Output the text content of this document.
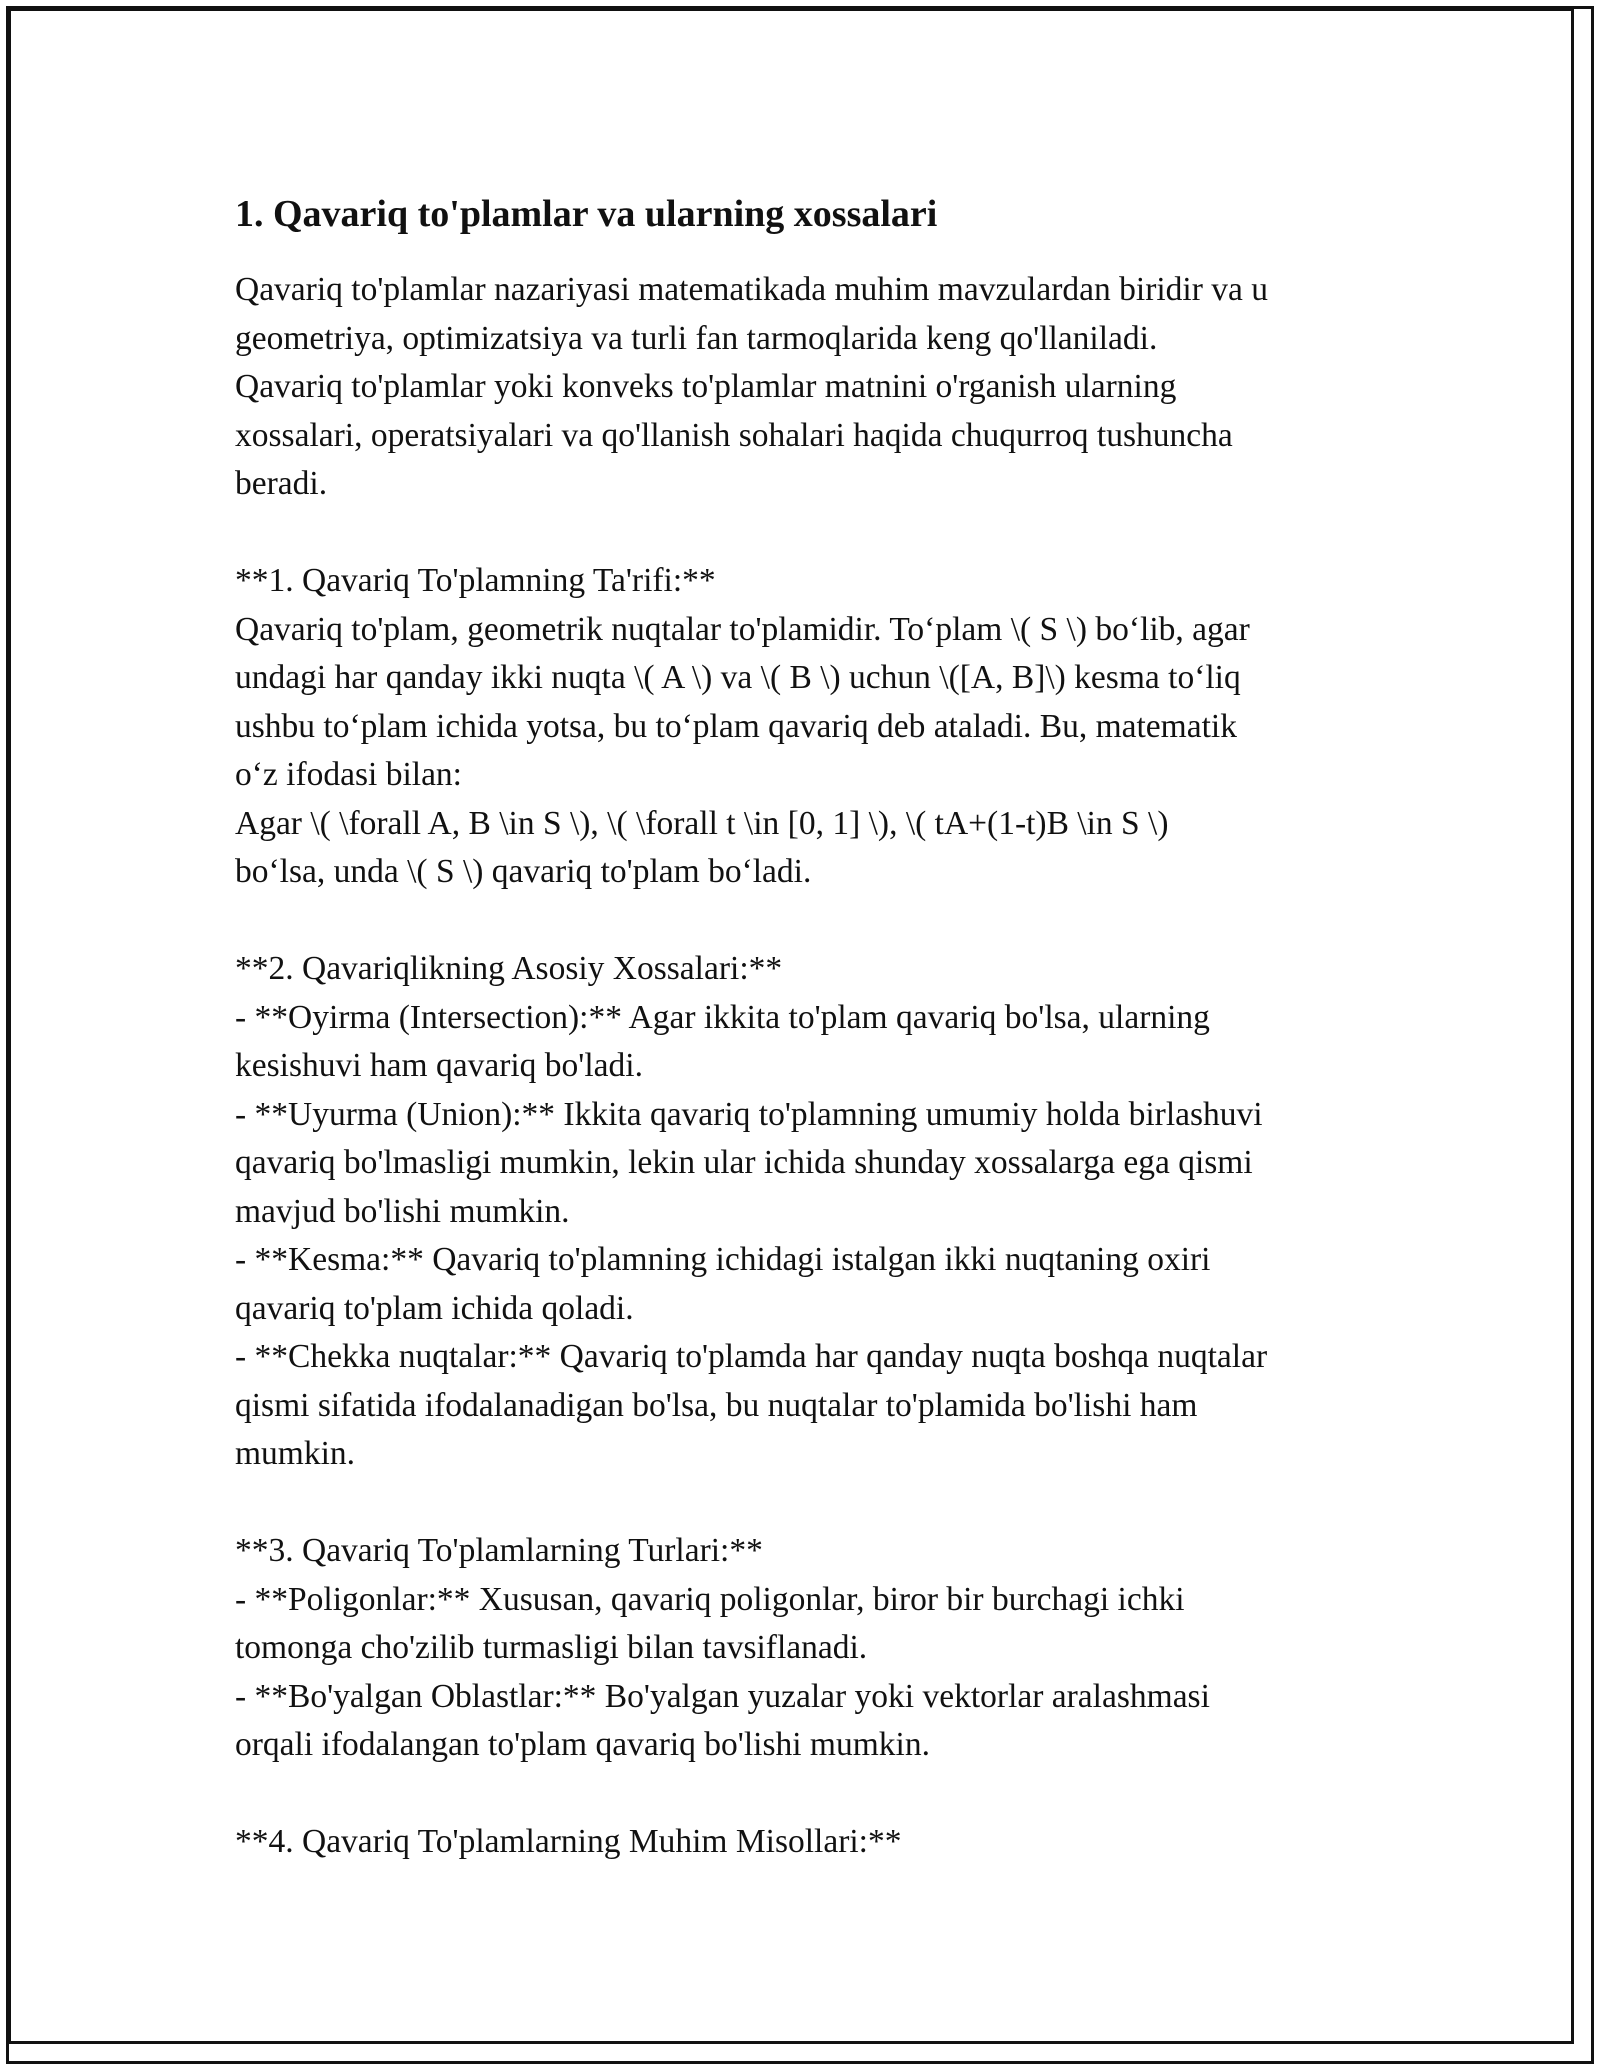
1. Qavariq to'plamlar va ularning xossalari

Qavariq to'plamlar nazariyasi matematikada muhim mavzulardan biridir va u
geometriya, optimizatsiya va turli fan tarmoqlarida keng qo'llaniladi.
Qavariq to'plamlar yoki konveks to'plamlar matnini o'rganish ularning
xossalari, operatsiyalari va qo'llanish sohalari haqida chuqurroq tushuncha
beradi.

**1. Qavariq To'plamning Ta'rifi:**
Qavariq to'plam, geometrik nuqtalar to'plamidir. To‘plam \( S \) bo‘lib, agar
undagi har qanday ikki nuqta \( A \) va \( B \) uchun \([A, B]\) kesma to‘liq
ushbu to‘plam ichida yotsa, bu to‘plam qavariq deb ataladi. Bu, matematik
o‘z ifodasi bilan:
Agar \( \forall A, B \in S \), \( \forall t \in [0, 1] \), \( tA+(1-t)B \in S \)
bo‘lsa, unda \( S \) qavariq to'plam bo‘ladi.

**2. Qavariqlikning Asosiy Xossalari:**
- **Oyirma (Intersection):** Agar ikkita to'plam qavariq bo'lsa, ularning
kesishuvi ham qavariq bo'ladi.
- **Uyurma (Union):** Ikkita qavariq to'plamning umumiy holda birlashuvi
qavariq bo'lmasligi mumkin, lekin ular ichida shunday xossalarga ega qismi
mavjud bo'lishi mumkin.
- **Kesma:** Qavariq to'plamning ichidagi istalgan ikki nuqtaning oxiri
qavariq to'plam ichida qoladi.
- **Chekka nuqtalar:** Qavariq to'plamda har qanday nuqta boshqa nuqtalar
qismi sifatida ifodalanadigan bo'lsa, bu nuqtalar to'plamida bo'lishi ham
mumkin.

**3. Qavariq To'plamlarning Turlari:**
- **Poligonlar:** Xususan, qavariq poligonlar, biror bir burchagi ichki
tomonga cho'zilib turmasligi bilan tavsiflanadi.
- **Bo'yalgan Oblastlar:** Bo'yalgan yuzalar yoki vektorlar aralashmasi
orqali ifodalangan to'plam qavariq bo'lishi mumkin.

**4. Qavariq To'plamlarning Muhim Misollari:**
